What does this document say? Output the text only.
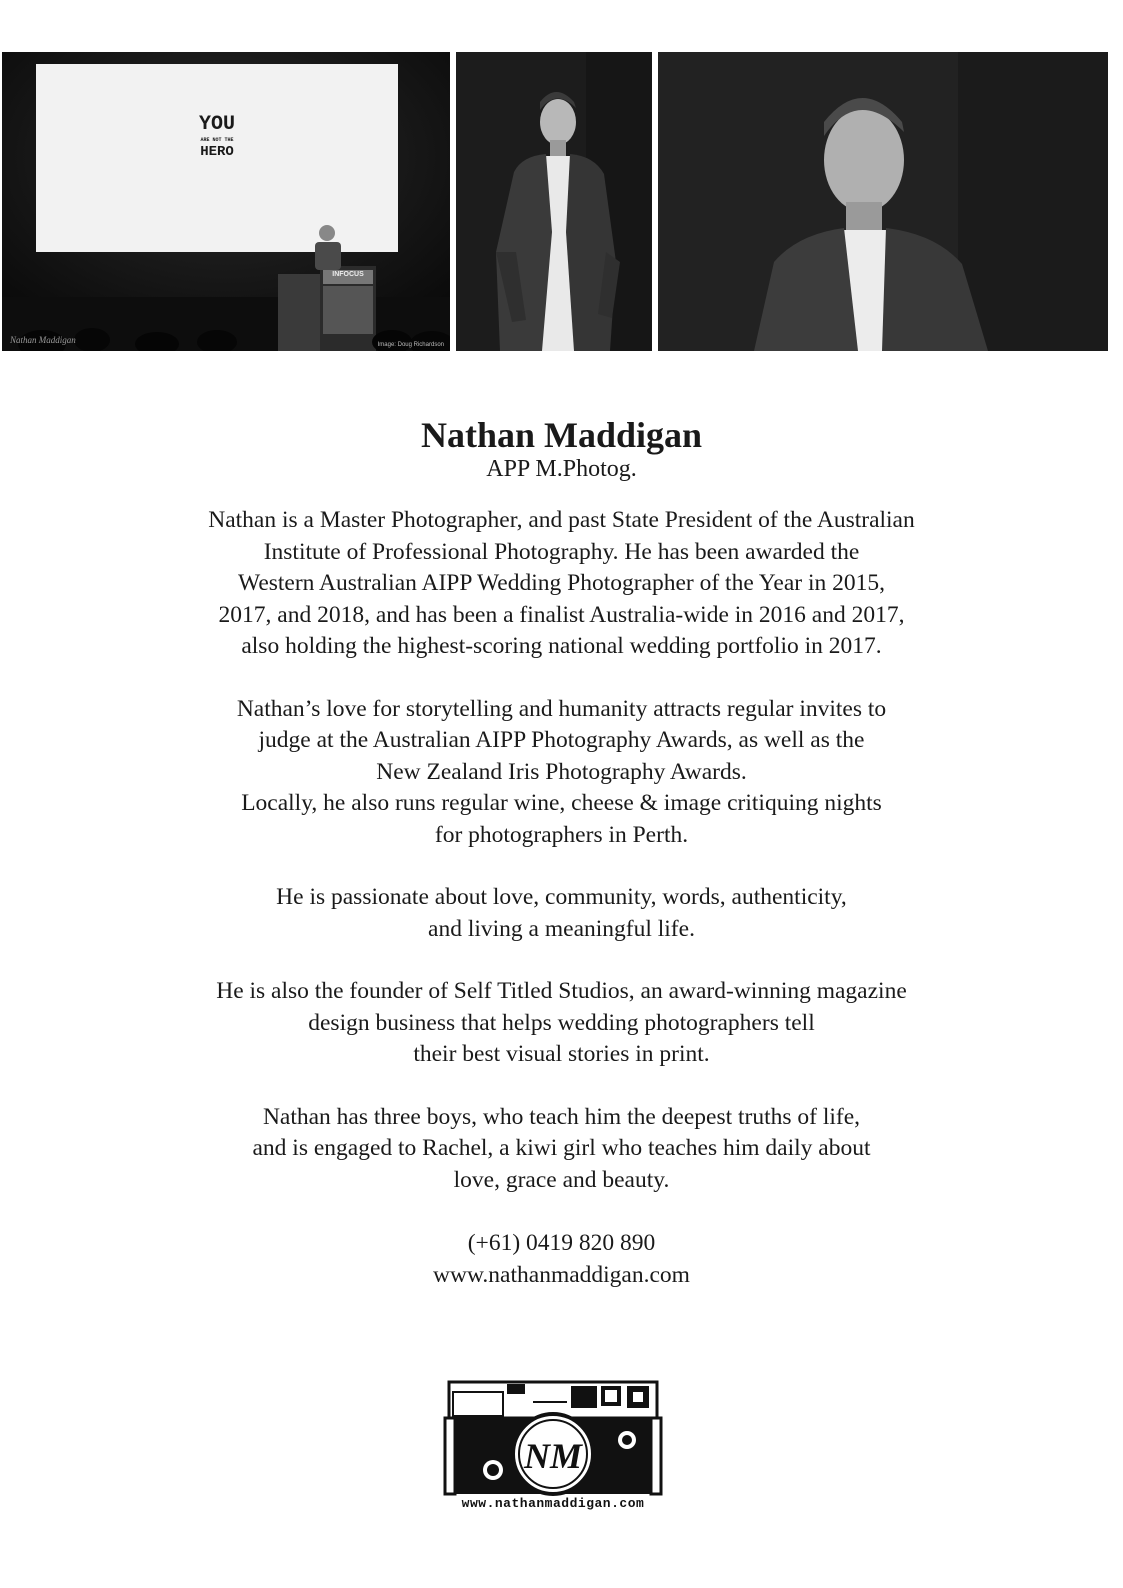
YOU
ARE NOT THE
HERO
INFOCUS
Nathan Maddigan	Image: Doug Richardson
Nathan Maddigan

APP M.Photog.

Nathan is a Master Photographer, and past State President of the Australian
Institute of Professional Photography. He has been awarded the
Western Australian AIPP Wedding Photographer of the Year in 2015,
2017, and 2018, and has been a finalist Australia-wide in 2016 and 2017,
also holding the highest-scoring national wedding portfolio in 2017.

Nathan’s love for storytelling and humanity attracts regular invites to
judge at the Australian AIPP Photography Awards, as well as the
New Zealand Iris Photography Awards.
Locally, he also runs regular wine, cheese & image critiquing nights
for photographers in Perth.

He is passionate about love, community, words, authenticity,
and living a meaningful life.

He is also the founder of Self Titled Studios, an award-winning magazine
design business that helps wedding photographers tell
their best visual stories in print.

Nathan has three boys, who teach him the deepest truths of life,
and is engaged to Rachel, a kiwi girl who teaches him daily about
love, grace and beauty.

(+61) 0419 820 890
www.nathanmaddigan.com

NM
www.nathanmaddigan.com
